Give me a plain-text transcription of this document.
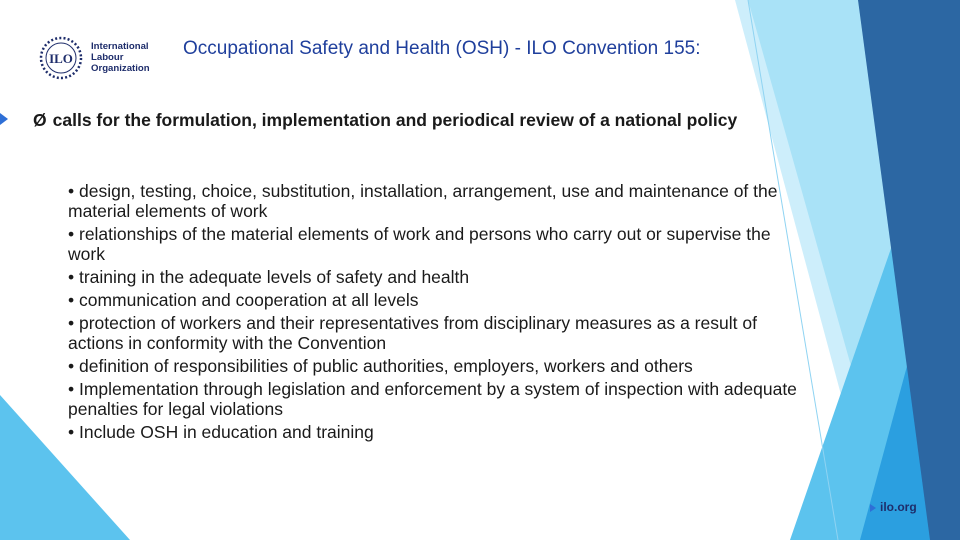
ILO
International
Labour
Organization
Occupational Safety and Health (OSH) - ILO Convention 155:
Ø calls for the formulation, implementation and periodical review of a national policy
• design, testing, choice, substitution, installation, arrangement, use and maintenance of the material elements of work
• relationships of the material elements of work and persons who carry out or supervise the work
• training in the adequate levels of safety and health
• communication and cooperation at all levels
• protection of workers and their representatives from disciplinary measures as a result of actions in conformity with the Convention
• definition of responsibilities of public authorities, employers, workers and others
• Implementation through legislation and enforcement by a system of inspection with adequate penalties for legal violations
• Include OSH in education and training
ilo.org
